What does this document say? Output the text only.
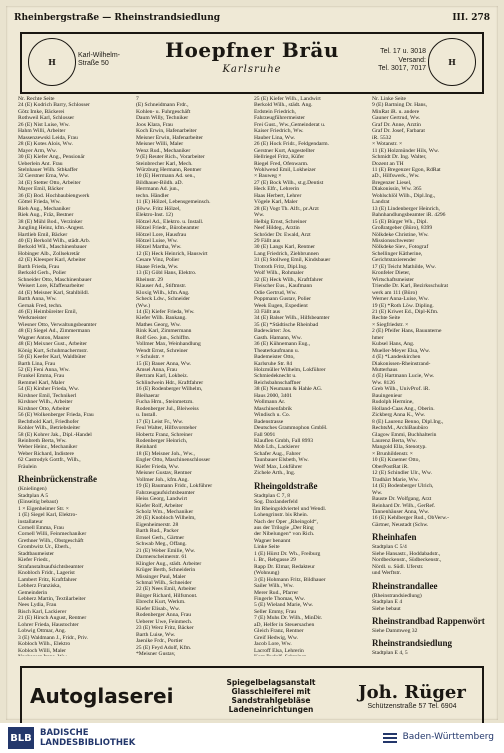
Rheinbergstraße — Rheinstrandsiedlung	III. 278
H
Karl-Wilhelm-
Straße 50
Hoepfner Bräu
Karlsruhe
Tel. 17 u. 3018
Versand:
Tel. 3017, 7017
H
Nr. Rechte Seite
24 (E) Kodrich Barry, Schlosser
Götz Imke, Bäckerei
Rothweil Karl, Schlosser
26 (E) Nist Luise, Ww.
Hahm Willi, Arbeiter
Massenzewski Leida, Frau
28 (E) Kotes Alois, Ww.
Mayer Arm, Ww.
30 (E) Kiefer Ang., Pensionär
Ueberlein Ant. Frau
Stelnhauer Wilh. Stbkaffer
32 Gerstner Erna, Ww.
34 (E) Stetter Otto, Arbeiter
Mayer Emil, Bäcker
36 (E) Bod. Hochbaubiengwerk
Göttel Frieda, Ww.
Rieh Aug., Mechaniker
Riek Aug., Fräz, Bestner
38 (E) Mühl Bod., Verzinker
Jungling Heinz, kfm.-Angest.
Hartlieb Emil, Bäcker
40 (E) Berkold Wilh., städt.Arb.
Berkold Wil., Maschinenbauer
Hobinger Alb., Zollsekretär
42 (E) Kleesper Karl, Arbeiter
Barth Frieda, Frau
Berkold Gerh., Polier
Schneider Otto, Maschinenbauer
Weisert Lore, Kfaffenarbeiter
44 (E) Meisner Karl, Stahlbildl.
Barth Anna, Ww.
Gernak Fred, techn.
46 (E) Heimbüreiter Emil,
Werkmeister
Wiesner Otto, Verwaltungsbeamter
48 (E) Siegel Ad., Zimmermann
Wagner Anton, Maurer
48 (E) Meixner Gust., Arbeiter
König Kurt, Schuhmachermstr.
50 (E) Keefer Karl, Waldbüter
Barth Lina, Frau
52 (E) Feni Anna, Ww.
Frankel Emma, Frau
Remmel Karl, Maler
54 (E) Kirsher Frieda, Ww.
Kirshner Emil, Technikerl
Kirshner Wilh., Arbeiter
Kirshner Otto, Arbeiter
56 (E) Wolkenberger Frieda, Frau
Bechthold Karl, Friedhofer
Kohler Wilh., Betriebsleiter
58 (E) Kohrer Jak., Dipl.-Handel
Reinbreth Berta, Ww.
Weber Heinr., Mechaniker
Weber Richard, Indistere
62 Castrodyk Gottfr., Wilh.,
Fräulein
Rheinbrückenstraße
(Knielingen)
Stadtplan A 5
(Einseitig bebaut)
1 × Eigenheimer Str. ×
1 (E) Siegel Karl, Elektro-
installateur
Cornell Emma, Frau
Cornell Willi, Feinmechaniker
Grethner Wilh., Obstgeschäft
Grombwitz Ur., Eberh.,
Stadtbaumeister
Kiefer Friedr.,
Strafanstaltsaufsichtsbeamter
Knobloch Fridr., Lagerist
Lambert Fritz, Kraftfahrer
Lebherz Franziska,
Gemeinderin
Lebherz Martin, Textilarbeiter
Nees Lydia, Frau
Risch Karl, Lackierer
21 (E) Hirsch August, Rentner
Lohrer Frieda, Haustochter
Lobwig Ottmar, Ang.
3 (E) Waldmann J., Fridr., Priv.
Kobloch Wilh., Elektro
Kobloch Willi, Maler
7
(E) Schneidmann Frdr.,
Kohlen- u. Fuhrgeschäft
Daum Willy, Techniker
Joos Klara, Frau
Koch Erwin, Hafenarbeiter
Meisner Erwin, Hafenarbeiter
Meisner Willi, Maler
Wenz Rud., Mechaniker
9 (E) Reuter Rich., Vorarbeiter
Steinbrecher Karl, Mech.
Würzburg Hermann, Rentner
10 (E) Herrmann Ad. sen.,
Bildhauer-Bildh. aD.
Herrmann Ad. jun.,
techn. Händler
11 (E) Hölzel, Lebensgemeinsch.
(Hww. Fritz Hölzel,
Elektro-Inst. 12)
Hötzel Ad., Elektro. u. Install.
Hötzel Friedr., Bürobeamter
Hötzel Lore, Hausfrau
Hötzel Luise, Ww.
Hötzel Martha, Ww.
12 (E) Heck Heinrich, Hauswirt
Cesare Vinz, Polier
Haase Frieda, Ww.
13 (E) Göbl Hans, Elektro.
Rheinstr. 29
Klauser Ad., Stiftmstr.
Kloxig Wilh., kfm.Ang.
Scheck Ldw., Schneider
(Ww.)
14 (E) Kiefer Frieda, Ww.
Kiefer Wilh. Bankang.
Mathes Georg, Ww.
Rink Karl, Zimmermann
Rolf Geo. jun., Schiffm.
Vollmer Max, Weinhandlung
Wendt Ernst, Schreiner
× Schulstr. ×
15 (E) Bauer Anna, Ww.
Amsel Anna, Frau
Bertram Karl, Lokbeiz.
Schlindwein Hdr., Kraftfahrer
16 (E) Rodenberger Wilhelm,
Bleihaerar
Fucha Hrm., Steinmetzm.
Rodenberger Jul., Bleiweiss
u. Install.
17 (E) Leist Fr., Ww.
Feul Walter, Hilfsvorsteher
Hobertz Franz, Schreiner
Rodenberger Heinrich,
Reinhard
18 (E) Meisner Joh., Ww.,
Engler Otto, Maschinenschlosser
Kiefer Frieda, Ww.
Meisner Gustav, Rentner
Vollmer Joh., kfm.Ang.
19 (E) Baumann Fridr., Lokführer
Fahrzeugaufsichtsbeamter
Heiss Georg, Landwirt
Kiefer Rolf, Arbeiter
Scholz Wm., Mechaniker
20 (E) Knobloch Wilhelm,
Eigenheimerstr. 28
Barth Rud., Packer
Ernsel Gerh., Gärtner
Schwab Meg., Öffang.
21 (E) Weber Emilie, Ww.
Darmerscheimerstr. 61
Klingler Aug., städt. Arbeiter
Krüger Berth, Schneiderin
Missinger Paul, Maler
Schmal Wilh., Schneider
22 (E) Nees Emil, Arbeiter
Bürger Richard, Hilfsmont.
Ebrecht Kurt, Werkm.
Kiefer Elisab., Ww.
Rodenberger Anna, Frau
Ueberer Uwe, Feinmech.
23 (E) Werz Fritz, Bäcker
Barth Luise, Ww.
Jaenike Frdr., Portier
25 (E) Feyd Adolf, Kfm.
*Meisner Gustav,
25 (E) Kiefer Wilh., Landwirt
Berkold Wilh., städt. Ang.
Erdstein Friedrich,
Fahrzeugführermeister
Frei Gust., Ww.,Gemeinderat u.
Kaiser Friedrich, Ww.
Hauber Lina, Ww.
26 (E) Hock Fridr., Feldgendarm.
Gerstner Kurt, Angestellter
Hellriegel Fritz, Küfer
Riegel Fred, Ofenwarm.
Wohlwend Emil, Lokheizer
× Bauweg ×
27 (E) Bock Wilh., st.g.Dentist
Heck Elfr., Lehrerin
Haas Herbert, Lehrer
Vögele Karl, Maler
28 (E) Vogt Th. Alfr., pr.Arzt
Ww.
Helbig Ernst, Schreiner
Neef Hildeg., Arztin
Schröder Dr. Ewald, Arzt
29 Fällt aus
30 (E) Langs Karl, Rentner
Lang Friedrich, Ziehbrunnen
31 (E) Stollweg Emil, Kindsbauer
Trotroth Fritz, Dipl.Ing.
Wolf Wilh., Rohmaler
32 (E) Heck Wilh., Kraftfahrer
Fleischer Eus., Kaufmann
Odie Gertrud, Ww.
Poppmann Gustav, Polier
Week Eugen, Expedient
33 Fällt aus
34 (E) Balser Wilh., Hilfsbeamter
35 (E) *Städtische Rheinbad
Badewärter: Jos.
Gasth. Hamann, Ww.
36 (E) Kühnemann Eug.,
Theaterkaufmann u.
Bademeister Otto,
Karlsruhe Str. 84
Holzmüller Wilhelm, Lokführer
Schmiedeknecht u.
Reichsbahnschaffner
38 (E) Neumann & Hahle AG.
Haus 2000, 3401
Wollmann Ar.
Maschinenfabrik
Windisch u. Co.
Badenstrasse
Deutsches Grammophon GmbH.
Fall 9091
Klauflen Gmbh, Fall 8993
Mob Lth., Lackierer
Schafer Aug., Fahrer
Taunbauer Elsbeth, Ww.
Wolf Max, Lokführer
Zichele Arth., Ing.
Rheingoldstraße
Stadtplan C 7, 8
Sog. Daxlanderfeld
Im Rheingoldviertel und Wendl.
Lohengrinstr. bis Rhein.
Nach der Oper „Rheingold“,
aus der Trilogie „Der Ring
der Nibelungen“ von Rich.
Wagner benannt
Linke Seite
1 (E) Hürst Dr. Wh., Freiburg
i. Br., Rebgasse 29
Rapp Dr. Elmar, Redakteur
(Wohnung)
3 (E) Hohmann Fritz, Bildhauer
Sailer Wilh., Ww.
Merer Rud., Pfarrer
Fingerle Thomas, Ww.
5 (E) Wieland Marie, Ww.
Seller Emmy, Frau
7 (E) Muhs Dr. Wilh., MinDir.
aD, Helfer in Steuersachen
Gleich Franz, Rentner
Greif Hedwig, Ww.
Jacob Lore, Ww.
Lacroff Elsa, Lehrerin
Nr. Linke Seite
9 (E) Bartning Dr. Hans,
MinRat iR. u. andere
Gauner Gertrud, Ww.
Graf Dr. Anne, Ärztin
Graf Dr. Josef, Farbarat
iR. 5532
× Wotanstr. ×
11 (E) Holzmünder Hils, Ww.
Schmidt Dr. Ing. Walter,
Dozent an TH
11 (E) Bregenzer Egon, RdRat
aD., Hilfswerk., Ww.
Bregenzer Liesel,
Diakonissin, Ww. 365
Wohlschlöl Wilh., Dipl.Ing.,
Landrat
13 (E) Lindenberger Heinrich,
Bahnhandlungsbeamter iR. 4296
15 (E) Bürger Wh., Dipl.
Großratgeber (Büro), 8399
Nölkdeke Christine, Ww.
Missionsschwester
Nölkdeke Siev., Fotograf
Schellinger Kätherine,
Gerichtstaxierender
17 (E) Teicht Mathilde, Ww.
Kronfeler Dieter,
Wirtschaftsmeister
Triendle Dr. Karl, Bezirksschulrat
werk am 111 (Büro)
Werner Anna-Luise, Ww.
19 (E) *Roth Löw. Dipling.
21 (E) Kriwet Ed., Dipl-Kfm.
Rechte Seite
× Siegfriedstr. ×
2 (E) Pfeifer Hans, Bauunterne
hmer
Kubsel Hans, Ang.
Mueller-Meyer Elsa, Ww.
4 (E) *Landeskirchen
Diakonissen-Rheinstrand-
Mutterhaus
4 (E) Hartmann Lucie, Ww.
Ww. 8126
Greb Wilh., UnivProf. iR.
Bauingenieur
Rudolph Hermine,
Holland-Caas Ang., Oberin.
Zickberg Anna K., Ww.
8 (E) Laurenz Benno, Dipl.Ing.,
RechtsM., ArchiBaubüro
Glagow Emmi, Buchhalterin
Laurenz Berta, Ww.
Mangold Ella, Stenotyp.
× Brunhildenstr. ×
10 (E) Kraemer Otto,
OberPostRat iR.
12 (E) Schindler Ulr., Ww.
Tradhärt Marie, Ww.
14 (E) Bodenberger Ulrich,
Ww.
Bauste Dr. Wolfgang, Arzt
Reinhard Dr. Wilh., GerRef.
Tannenhäuser Anna, Ww.
16 (E) Kehlberger Rud., ObVerw.-
Gärtner, Neustadt (Schw.
Rheinhafen
Stadtplan C 5/4
Siehe Hansastr., Hoddabadstr.,
Nordbeckenstr., Südbeckenstr.,
Nördl. u. Südl. Uferstr.
und Werftstr.
Rheinstrandallee
(Rheinstrandsiedlung)
Stadtplan E 4
Siehe bebaut
Rheinstrandbad Rappenwört
Siehe Dammweg 32
Rheinstrandsiedlung
Stadtplan E 4, 5
Autoglaserei
Spiegelbelagsanstalt
Glasschleiferei mit
Sandstrahlgebläse
Ladeneinrichtungen
Joh. Rüger
Schützenstraße 57 Tel. 6904
BLB BADISCHE
LANDESBIBLIOTHEK
Baden-Württemberg
